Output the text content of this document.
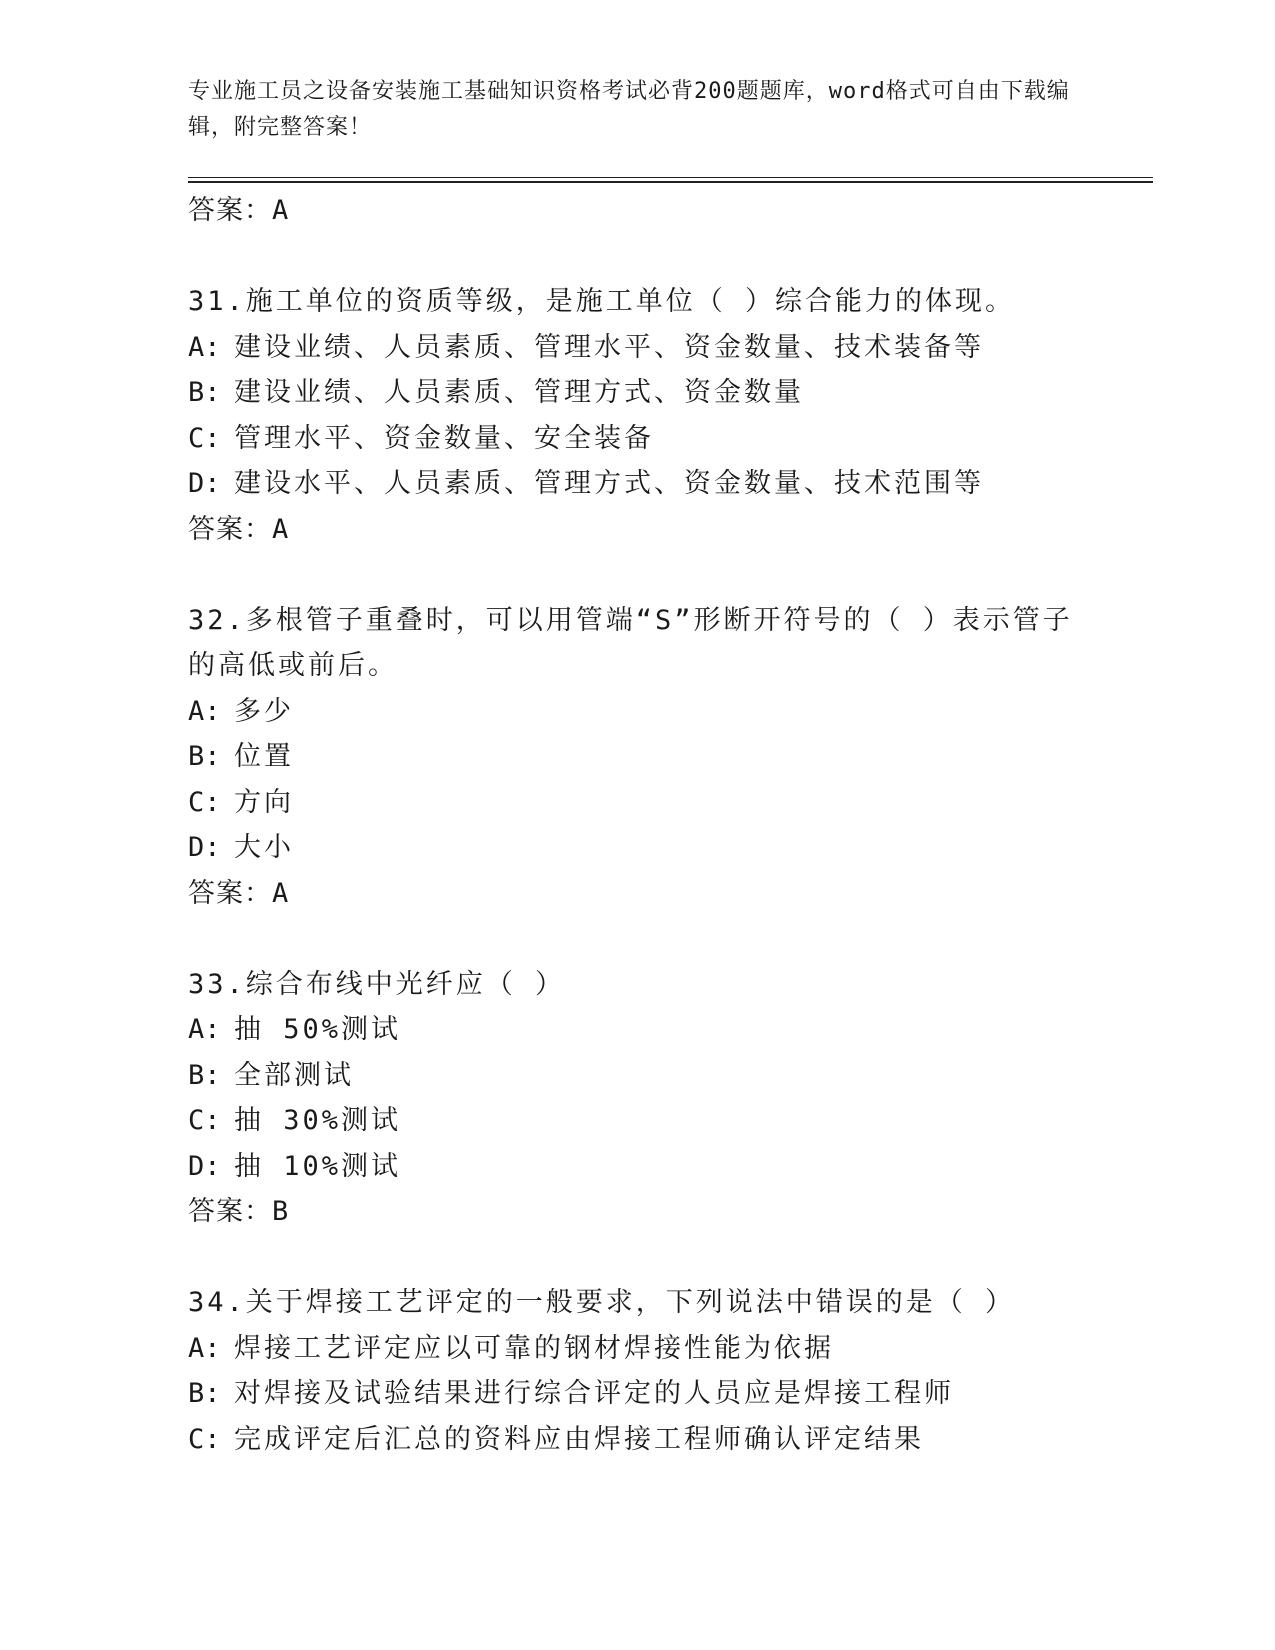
专业施工员之设备安装施工基础知识资格考试必背200题题库，word格式可自由下载编辑，附完整答案！
答案：A
31.施工单位的资质等级，是施工单位（ ）综合能力的体现。
A: 建设业绩、人员素质、管理水平、资金数量、技术装备等
B: 建设业绩、人员素质、管理方式、资金数量
C: 管理水平、资金数量、安全装备
D: 建设水平、人员素质、管理方式、资金数量、技术范围等
答案：A
32.多根管子重叠时，可以用管端“S”形断开符号的（ ）表示管子的高低或前后。
A: 多少
B: 位置
C: 方向
D: 大小
答案：A
33.综合布线中光纤应（ ）
A: 抽 50%测试
B: 全部测试
C: 抽 30%测试
D: 抽 10%测试
答案：B
34.关于焊接工艺评定的一般要求，下列说法中错误的是（ ）
A: 焊接工艺评定应以可靠的钢材焊接性能为依据
B: 对焊接及试验结果进行综合评定的人员应是焊接工程师
C: 完成评定后汇总的资料应由焊接工程师确认评定结果
